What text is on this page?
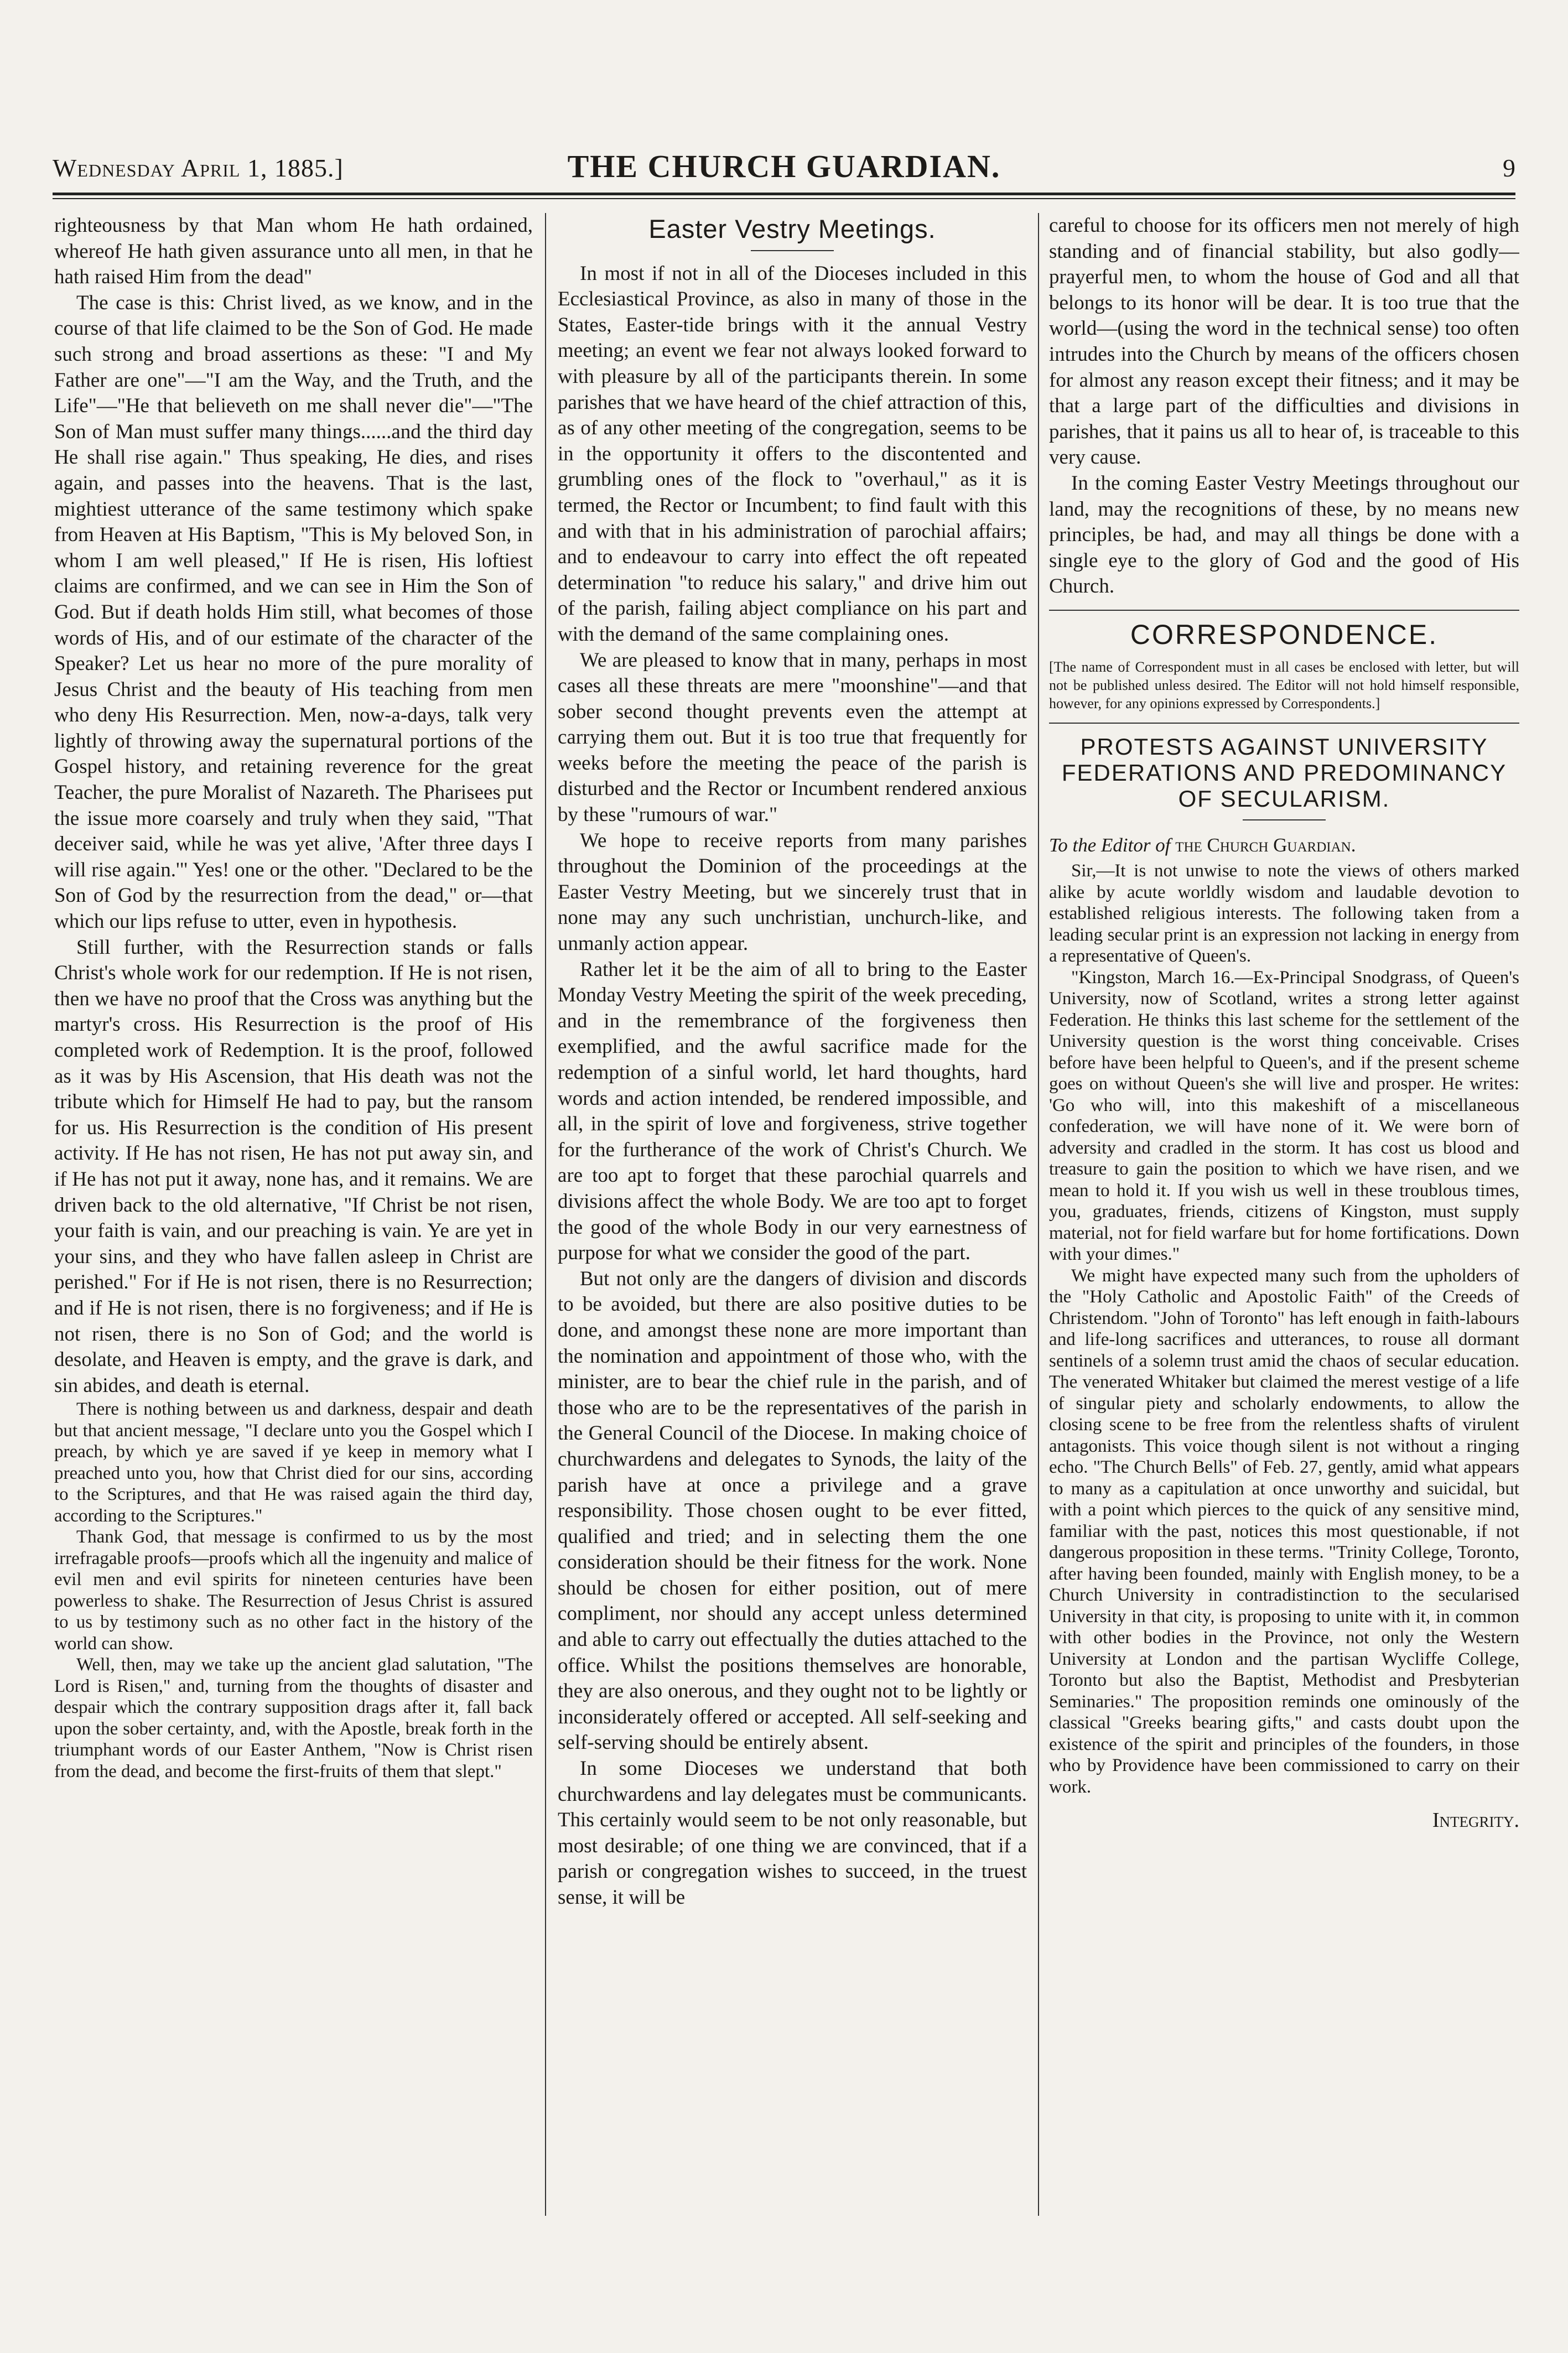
Wednesday April 1, 1885.]	THE CHURCH GUARDIAN.	9

righteousness by that Man whom He hath ordained, whereof He hath given assurance unto all men, in that he hath raised Him from the dead"

The case is this: Christ lived, as we know, and in the course of that life claimed to be the Son of God. He made such strong and broad assertions as these: "I and My Father are one"—"I am the Way, and the Truth, and the Life"—"He that believeth on me shall never die"—"The Son of Man must suffer many things......and the third day He shall rise again." Thus speaking, He dies, and rises again, and passes into the heavens. That is the last, mightiest utterance of the same testimony which spake from Heaven at His Baptism, "This is My beloved Son, in whom I am well pleased," If He is risen, His loftiest claims are confirmed, and we can see in Him the Son of God. But if death holds Him still, what becomes of those words of His, and of our estimate of the character of the Speaker? Let us hear no more of the pure morality of Jesus Christ and the beauty of His teaching from men who deny His Resurrection. Men, now-a-days, talk very lightly of throwing away the supernatural portions of the Gospel history, and retaining reverence for the great Teacher, the pure Moralist of Nazareth. The Pharisees put the issue more coarsely and truly when they said, "That deceiver said, while he was yet alive, 'After three days I will rise again.'" Yes! one or the other. "Declared to be the Son of God by the resurrection from the dead," or—that which our lips refuse to utter, even in hypothesis.

Still further, with the Resurrection stands or falls Christ's whole work for our redemption. If He is not risen, then we have no proof that the Cross was anything but the martyr's cross. His Resurrection is the proof of His completed work of Redemption. It is the proof, followed as it was by His Ascension, that His death was not the tribute which for Himself He had to pay, but the ransom for us. His Resurrection is the condition of His present activity. If He has not risen, He has not put away sin, and if He has not put it away, none has, and it remains. We are driven back to the old alternative, "If Christ be not risen, your faith is vain, and our preaching is vain. Ye are yet in your sins, and they who have fallen asleep in Christ are perished." For if He is not risen, there is no Resurrection; and if He is not risen, there is no forgiveness; and if He is not risen, there is no Son of God; and the world is desolate, and Heaven is empty, and the grave is dark, and sin abides, and death is eternal.

There is nothing between us and darkness, despair and death but that ancient message, "I declare unto you the Gospel which I preach, by which ye are saved if ye keep in memory what I preached unto you, how that Christ died for our sins, according to the Scriptures, and that He was raised again the third day, according to the Scriptures."

Thank God, that message is confirmed to us by the most irrefragable proofs—proofs which all the ingenuity and malice of evil men and evil spirits for nineteen centuries have been powerless to shake. The Resurrection of Jesus Christ is assured to us by testimony such as no other fact in the history of the world can show.

Well, then, may we take up the ancient glad salutation, "The Lord is Risen," and, turning from the thoughts of disaster and despair which the contrary supposition drags after it, fall back upon the sober certainty, and, with the Apostle, break forth in the triumphant words of our Easter Anthem, "Now is Christ risen from the dead, and become the first-fruits of them that slept."

Easter Vestry Meetings.

In most if not in all of the Dioceses included in this Ecclesiastical Province, as also in many of those in the States, Easter-tide brings with it the annual Vestry meeting; an event we fear not always looked forward to with pleasure by all of the participants therein. In some parishes that we have heard of the chief attraction of this, as of any other meeting of the congregation, seems to be in the opportunity it offers to the discontented and grumbling ones of the flock to "overhaul," as it is termed, the Rector or Incumbent; to find fault with this and with that in his administration of parochial affairs; and to endeavour to carry into effect the oft repeated determination "to reduce his salary," and drive him out of the parish, failing abject compliance on his part and with the demand of the same complaining ones.

We are pleased to know that in many, perhaps in most cases all these threats are mere "moonshine"—and that sober second thought prevents even the attempt at carrying them out. But it is too true that frequently for weeks before the meeting the peace of the parish is disturbed and the Rector or Incumbent rendered anxious by these "rumours of war."

We hope to receive reports from many parishes throughout the Dominion of the proceedings at the Easter Vestry Meeting, but we sincerely trust that in none may any such unchristian, unchurch-like, and unmanly action appear.

Rather let it be the aim of all to bring to the Easter Monday Vestry Meeting the spirit of the week preceding, and in the remembrance of the forgiveness then exemplified, and the awful sacrifice made for the redemption of a sinful world, let hard thoughts, hard words and action intended, be rendered impossible, and all, in the spirit of love and forgiveness, strive together for the furtherance of the work of Christ's Church. We are too apt to forget that these parochial quarrels and divisions affect the whole Body. We are too apt to forget the good of the whole Body in our very earnestness of purpose for what we consider the good of the part.

But not only are the dangers of division and discords to be avoided, but there are also positive duties to be done, and amongst these none are more important than the nomination and appointment of those who, with the minister, are to bear the chief rule in the parish, and of those who are to be the representatives of the parish in the General Council of the Diocese. In making choice of churchwardens and delegates to Synods, the laity of the parish have at once a privilege and a grave responsibility. Those chosen ought to be ever fitted, qualified and tried; and in selecting them the one consideration should be their fitness for the work. None should be chosen for either position, out of mere compliment, nor should any accept unless determined and able to carry out effectually the duties attached to the office. Whilst the positions themselves are honorable, they are also onerous, and they ought not to be lightly or inconsiderately offered or accepted. All self-seeking and self-serving should be entirely absent.

In some Dioceses we understand that both churchwardens and lay delegates must be communicants. This certainly would seem to be not only reasonable, but most desirable; of one thing we are convinced, that if a parish or congregation wishes to succeed, in the truest sense, it will be

careful to choose for its officers men not merely of high standing and of financial stability, but also godly—prayerful men, to whom the house of God and all that belongs to its honor will be dear. It is too true that the world—(using the word in the technical sense) too often intrudes into the Church by means of the officers chosen for almost any reason except their fitness; and it may be that a large part of the difficulties and divisions in parishes, that it pains us all to hear of, is traceable to this very cause.

In the coming Easter Vestry Meetings throughout our land, may the recognitions of these, by no means new principles, be had, and may all things be done with a single eye to the glory of God and the good of His Church.

CORRESPONDENCE.
[The name of Correspondent must in all cases be enclosed with letter, but will not be published unless desired. The Editor will not hold himself responsible, however, for any opinions expressed by Correspondents.]
PROTESTS AGAINST UNIVERSITY FEDERATIONS AND PREDOMINANCY OF SECULARISM.
To the Editor of the Church Guardian.

Sir,—It is not unwise to note the views of others marked alike by acute worldly wisdom and laudable devotion to established religious interests. The following taken from a leading secular print is an expression not lacking in energy from a representative of Queen's.

"Kingston, March 16.—Ex-Principal Snodgrass, of Queen's University, now of Scotland, writes a strong letter against Federation. He thinks this last scheme for the settlement of the University question is the worst thing conceivable. Crises before have been helpful to Queen's, and if the present scheme goes on without Queen's she will live and prosper. He writes: 'Go who will, into this makeshift of a miscellaneous confederation, we will have none of it. We were born of adversity and cradled in the storm. It has cost us blood and treasure to gain the position to which we have risen, and we mean to hold it. If you wish us well in these troublous times, you, graduates, friends, citizens of Kingston, must supply material, not for field warfare but for home fortifications. Down with your dimes."

We might have expected many such from the upholders of the "Holy Catholic and Apostolic Faith" of the Creeds of Christendom. "John of Toronto" has left enough in faith-labours and life-long sacrifices and utterances, to rouse all dormant sentinels of a solemn trust amid the chaos of secular education. The venerated Whitaker but claimed the merest vestige of a life of singular piety and scholarly endowments, to allow the closing scene to be free from the relentless shafts of virulent antagonists. This voice though silent is not without a ringing echo. "The Church Bells" of Feb. 27, gently, amid what appears to many as a capitulation at once unworthy and suicidal, but with a point which pierces to the quick of any sensitive mind, familiar with the past, notices this most questionable, if not dangerous proposition in these terms. "Trinity College, Toronto, after having been founded, mainly with English money, to be a Church University in contradistinction to the secularised University in that city, is proposing to unite with it, in common with other bodies in the Province, not only the Western University at London and the partisan Wycliffe College, Toronto but also the Baptist, Methodist and Presbyterian Seminaries." The proposition reminds one ominously of the classical "Greeks bearing gifts," and casts doubt upon the existence of the spirit and principles of the founders, in those who by Providence have been commissioned to carry on their work.

Integrity.
